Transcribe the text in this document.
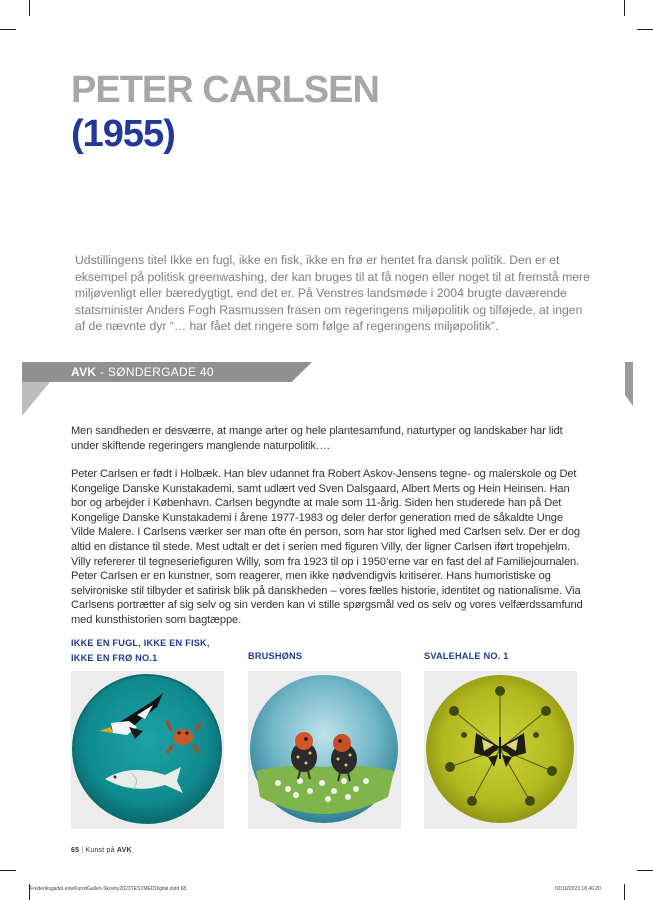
PETER CARLSEN
(1955)

Udstillingens titel Ikke en fugl, ikke en fisk, ikke en frø er hentet fra dansk politik. Den er et eksempel på politisk greenwashing, der kan bruges til at få nogen eller noget til at fremstå mere miljøvenligt eller bæredygtigt, end det er. På Venstres landsmøde i 2004 brugte daværende statsminister Anders Fogh Rasmussen frasen om regeringens miljøpolitik og tilføjede, at ingen af de nævnte dyr “… har fået det ringere som følge af regeringens miljøpolitik”.

AVK - SØNDERGADE 40

Men sandheden er desværre, at mange arter og hele plantesamfund, naturtyper og landskaber har lidt under skiftende regeringers manglende naturpolitik….

Peter Carlsen er født i Holbæk. Han blev udannet fra Robert Askov-Jensens tegne- og malerskole og Det Kongelige Danske Kunstakademi, samt udlært ved Sven Dalsgaard, Albert Merts og Hein Heinsen. Han bor og arbejder i København. Carlsen begyndte at male som 11-årig. Siden hen studerede han på Det Kongelige Danske Kunstakademi i årene 1977-1983 og deler derfor generation med de såkaldte Unge Vilde Malere. I Carlsens værker ser man ofte én person, som har stor lighed med Carlsen selv. Der er dog altid en distance til stede. Mest udtalt er det i serien med figuren Villy, der ligner Carlsen iført tropehjelm. Villy refererer til tegneseriefiguren Willy, som fra 1923 til op i 1950’erne var en fast del af Familiejournalen. Peter Carlsen er en kunstner, som reagerer, men ikke nødvendigvis kritiserer. Hans humoristiske og selvironiske stil tilbyder et satirisk blik på danskheden – vores fælles historie, identitet og nationalisme. Via Carlsens portrætter af sig selv og sin verden kan vi stille spørgsmål ved os selv og vores velfærdssamfund med kunsthistorien som bagtæppe.

IKKE EN FUGL, IKKE EN FISK, IKKE EN FRØ NO.1	BRUSHØNS	SVALEHALE NO. 1

65 | Kunst på AVK
FrederiksgadeLeineKunstGalleri-Skovby2023TESTMEDDigital.indd 68	02/10/2023 18.40.20
